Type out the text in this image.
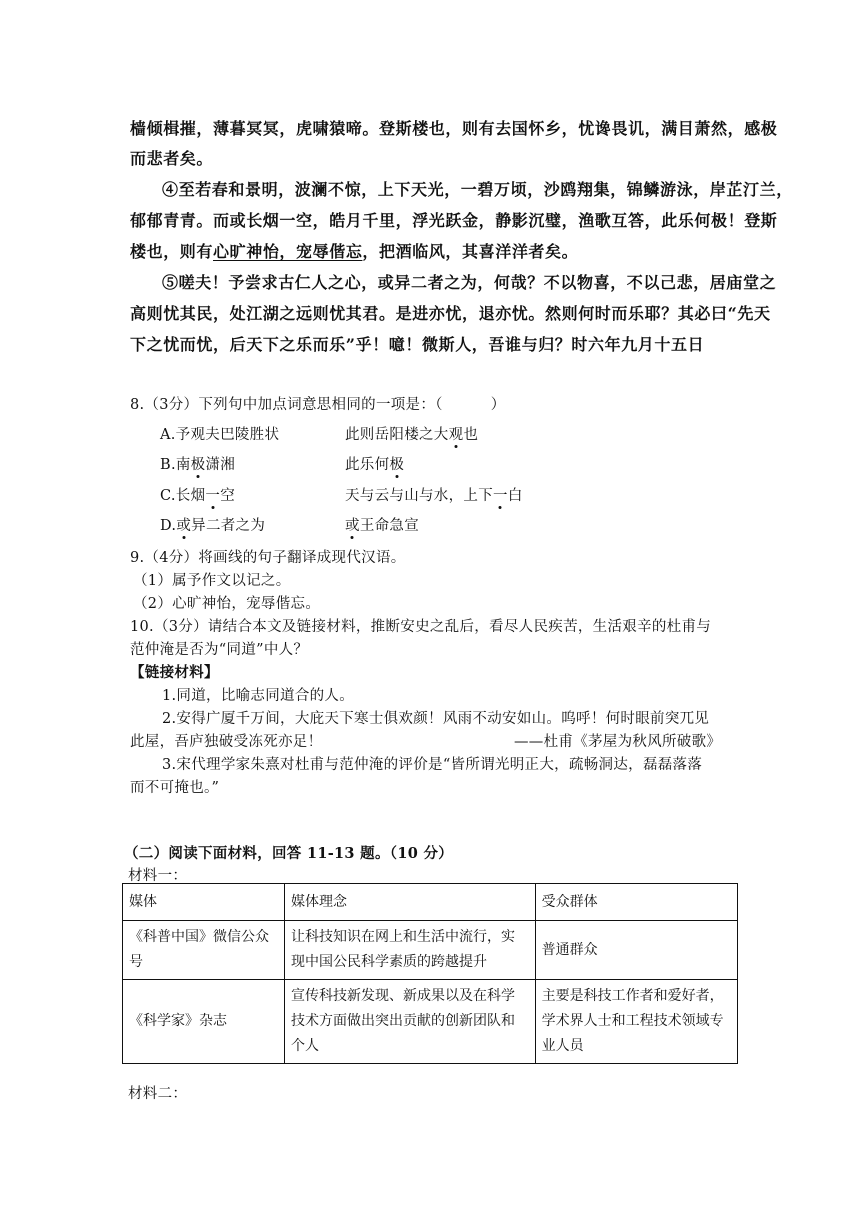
樯倾楫摧，薄暮冥冥，虎啸猿啼。登斯楼也，则有去国怀乡，忧谗畏讥，满目萧然，感极
而悲者矣。
④至若春和景明，波澜不惊，上下天光，一碧万顷，沙鸥翔集，锦鳞游泳，岸芷汀兰，
郁郁青青。而或长烟一空，皓月千里，浮光跃金，静影沉璧，渔歌互答，此乐何极！登斯
楼也，则有心旷神怡，宠辱偕忘，把酒临风，其喜洋洋者矣。
⑤嗟夫！予尝求古仁人之心，或异二者之为，何哉？不以物喜，不以己悲，居庙堂之
高则忧其民，处江湖之远则忧其君。是进亦忧，退亦忧。然则何时而乐耶？其必曰“先天
下之忧而忧，后天下之乐而乐”乎！噫！微斯人，吾谁与归？时六年九月十五日
8.（3分）下列句中加点词意思相同的一项是：（	）
A.予观夫巴陵胜状	此则岳阳楼之大观也
B.南极潇湘	此乐何极
C.长烟一空	天与云与山与水，上下一白
D.或异二者之为	或王命急宣
9.（4分）将画线的句子翻译成现代汉语。
（1）属予作文以记之。
（2）心旷神怡，宠辱偕忘。
10.（3分）请结合本文及链接材料，推断安史之乱后，看尽人民疾苦，生活艰辛的杜甫与
范仲淹是否为“同道”中人？
【链接材料】
1.同道，比喻志同道合的人。
2.安得广厦千万间，大庇天下寒士俱欢颜！风雨不动安如山。呜呼！何时眼前突兀见
此屋，吾庐独破受冻死亦足！	——杜甫《茅屋为秋风所破歌》
3.宋代理学家朱熹对杜甫与范仲淹的评价是“皆所谓光明正大，疏畅洞达，磊磊落落
而不可掩也。”
（二）阅读下面材料，回答 11-13 题。（10 分）
材料一：
媒体	媒体理念	受众群体
《科普中国》微信公众号	让科技知识在网上和生活中流行，实现中国公民科学素质的跨越提升	普通群众
《科学家》杂志	宣传科技新发现、新成果以及在科学技术方面做出突出贡献的创新团队和个人	主要是科技工作者和爱好者，学术界人士和工程技术领域专业人员
材料二：
